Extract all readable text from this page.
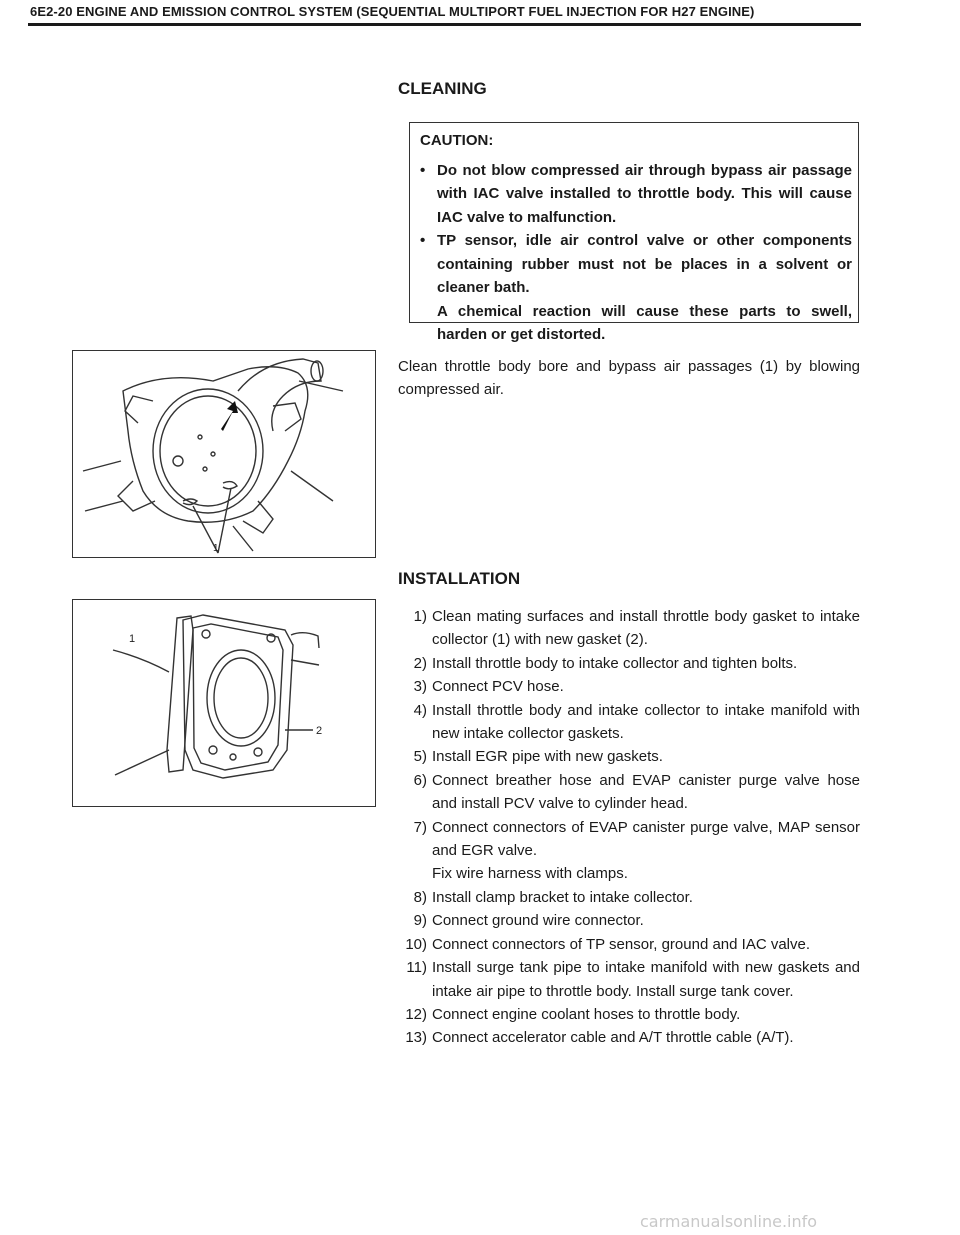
6E2-20 ENGINE AND EMISSION CONTROL SYSTEM (SEQUENTIAL MULTIPORT FUEL INJECTION FOR H27 ENGINE)
CLEANING
CAUTION:
• Do not blow compressed air through bypass air passage with IAC valve installed to throttle body. This will cause IAC valve to malfunction.
• TP sensor, idle air control valve or other components containing rubber must not be places in a solvent or cleaner bath.
A chemical reaction will cause these parts to swell, harden or get distorted.
1
Clean throttle body bore and bypass air passages (1) by blowing compressed air.
INSTALLATION
1
2
1) Clean mating surfaces and install throttle body gasket to intake collector (1) with new gasket (2).
2) Install throttle body to intake collector and tighten bolts.
3) Connect PCV hose.
4) Install throttle body and intake collector to intake manifold with new intake collector gaskets.
5) Install EGR pipe with new gaskets.
6) Connect breather hose and EVAP canister purge valve hose and install PCV valve to cylinder head.
7) Connect connectors of EVAP canister purge valve, MAP sensor and EGR valve.
Fix wire harness with clamps.
8) Install clamp bracket to intake collector.
9) Connect ground wire connector.
10) Connect connectors of TP sensor, ground and IAC valve.
11) Install surge tank pipe to intake manifold with new gaskets and intake air pipe to throttle body. Install surge tank cover.
12) Connect engine coolant hoses to throttle body.
13) Connect accelerator cable and A/T throttle cable (A/T).
carmanualsonline.info
